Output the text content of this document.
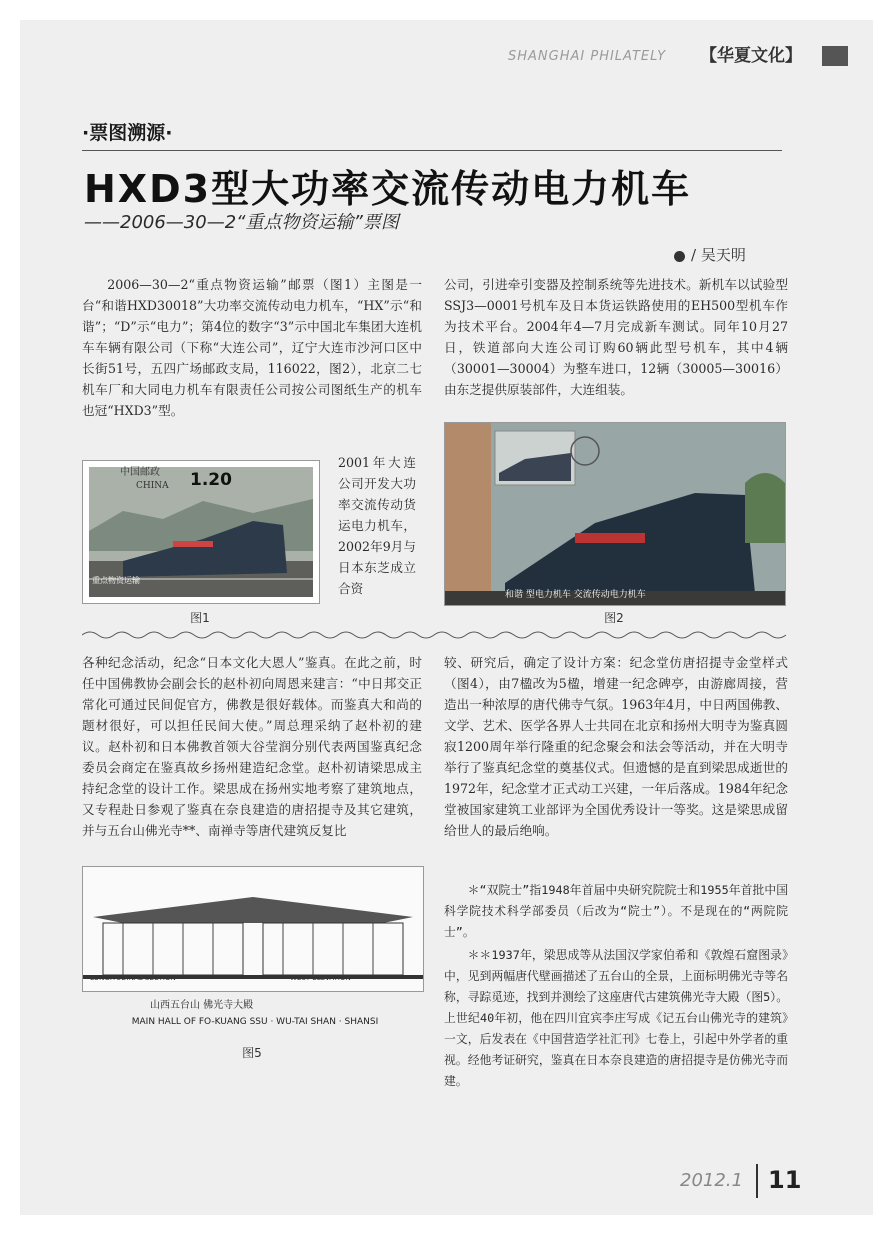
SHANGHAI PHILATELY	【华夏文化】
·票图溯源·
HXD3型大功率交流传动电力机车
——2006—30—2“重点物资运输”票图
/ 吴天明

2006—30—2“重点物资运输”邮票（图1）主图是一台“和谐HXD30018”大功率交流传动电力机车，“HX”示“和谐”；“D”示“电力”；第4位的数字“3”示中国北车集团大连机车车辆有限公司（下称“大连公司”，辽宁大连市沙河口区中长街51号，五四广场邮政支局，116022，图2），北京二七机车厂和大同电力机车有限责任公司按公司图纸生产的机车也冠“HXD3”型。

中国邮政
CHINA	1.20
重点物资运输
图1

2001年大连公司开发大功率交流传动货运电力机车，2002年9月与日本东芝成立合资

公司，引进牵引变器及控制系统等先进技术。新机车以试验型SSJ3—0001号机车及日本货运铁路使用的EH500型机车作为技术平台。2004年4—7月完成新车测试。同年10月27日，铁道部向大连公司订购60辆此型号机车，其中4辆（30001—30004）为整车进口，12辆（30005—30016）由东芝提供原装部件，大连组装。

和谐 型电力机车 交流传动电力机车
图2

各种纪念活动，纪念“日本文化大恩人”鉴真。在此之前，时任中国佛教协会副会长的赵朴初向周恩来建言：“中日邦交正常化可通过民间促官方，佛教是很好载体。而鉴真大和尚的题材很好，可以担任民间大使。”周总理采纳了赵朴初的建议。赵朴初和日本佛教首领大谷莹润分别代表两国鉴真纪念委员会商定在鉴真故乡扬州建造纪念堂。赵朴初请梁思成主持纪念堂的设计工作。梁思成在扬州实地考察了建筑地点，又专程赴日参观了鉴真在奈良建造的唐招提寺及其它建筑，并与五台山佛光寺**、南禅寺等唐代建筑反复比

LONGITUDINAL SECTION	WEST ELEVATION
山西五台山 佛光寺大殿
MAIN HALL OF FO-KUANG SSU · WU-TAI SHAN · SHANSI
图5

较、研究后，确定了设计方案：纪念堂仿唐招提寺金堂样式（图4），由7楹改为5楹，增建一纪念碑亭，由游廊周接，营造出一种浓厚的唐代佛寺气氛。1963年4月，中日两国佛教、文学、艺术、医学各界人士共同在北京和扬州大明寺为鉴真圆寂1200周年举行隆重的纪念聚会和法会等活动，并在大明寺举行了鉴真纪念堂的奠基仪式。但遗憾的是直到梁思成逝世的1972年，纪念堂才正式动工兴建，一年后落成。1984年纪念堂被国家建筑工业部评为全国优秀设计一等奖。这是梁思成留给世人的最后绝响。

＊“双院士”指1948年首届中央研究院院士和1955年首批中国科学院技术科学部委员（后改为“院士”）。不是现在的“两院院士”。

＊＊1937年，梁思成等从法国汉学家伯希和《敦煌石窟图录》中，见到两幅唐代壁画描述了五台山的全景，上面标明佛光寺等名称，寻踪觅迹，找到并测绘了这座唐代古建筑佛光寺大殿（图5）。上世纪40年初，他在四川宜宾李庄写成《记五台山佛光寺的建筑》一文，后发表在《中国营造学社汇刊》七卷上，引起中外学者的重视。经他考证研究，鉴真在日本奈良建造的唐招提寺是仿佛光寺而建。

2012.1 11
